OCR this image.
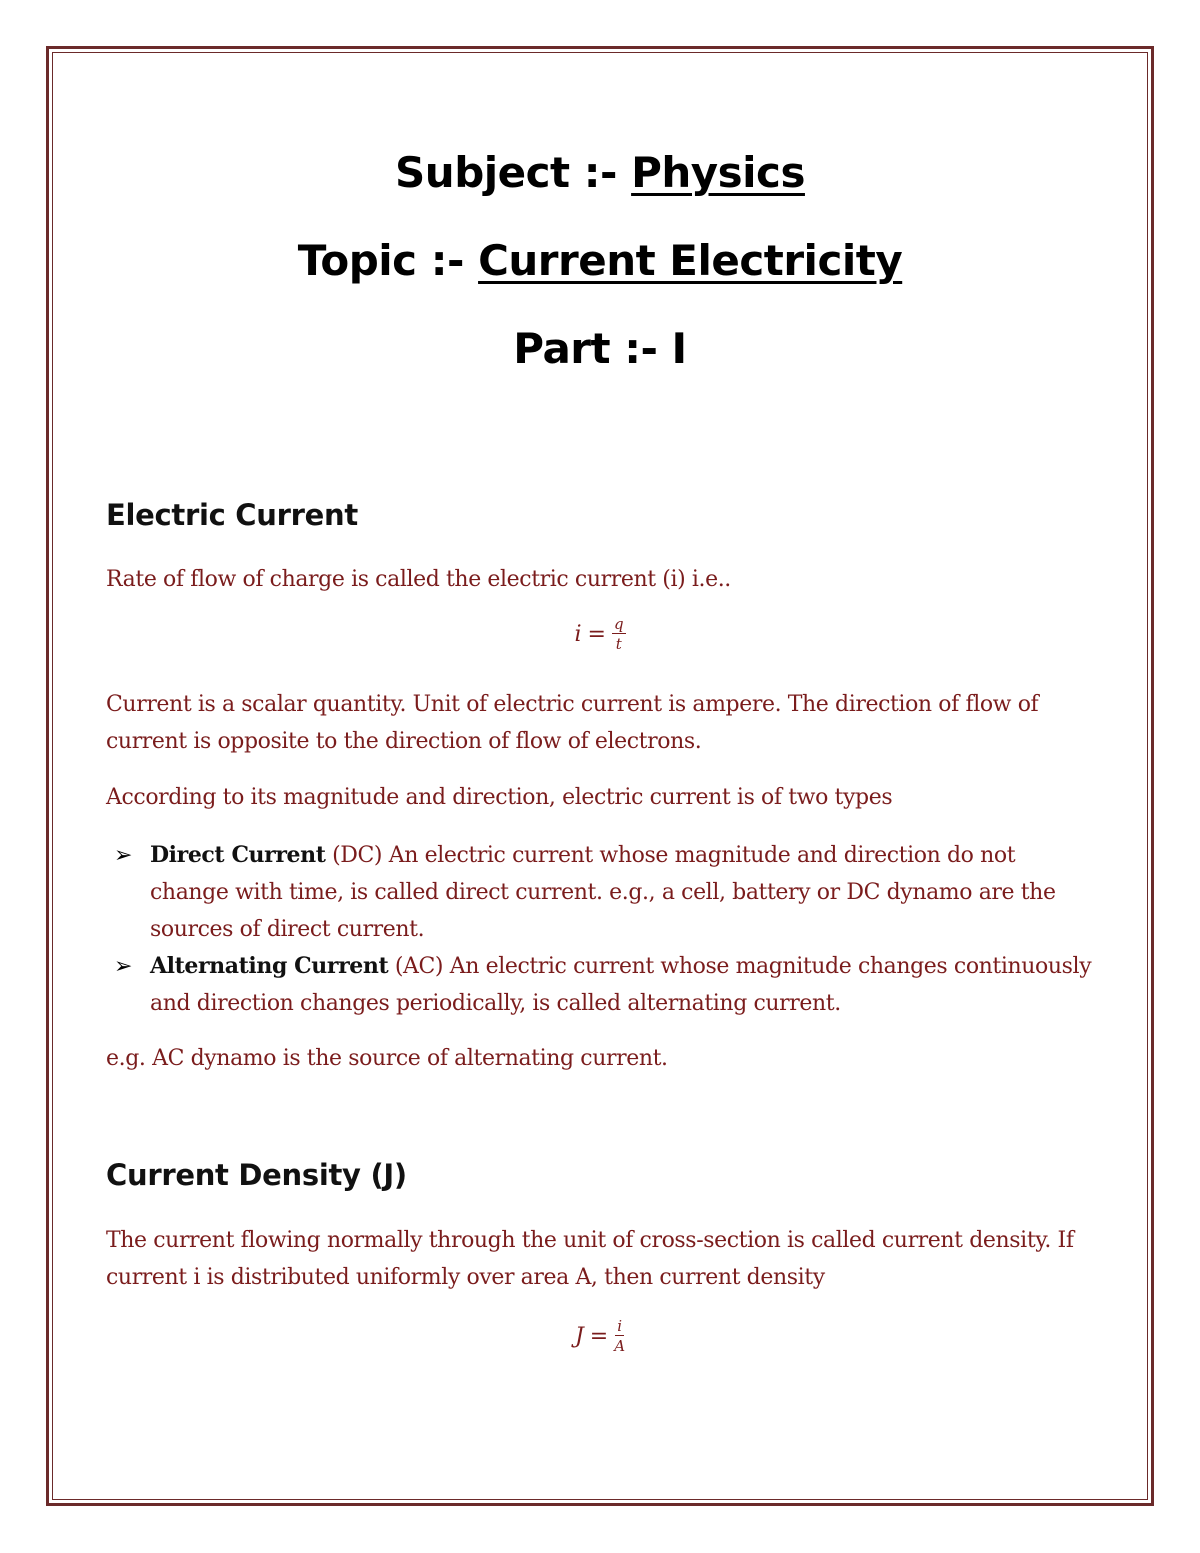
Subject :- Physics
Topic :- Current Electricity
Part :- I
Electric Current
Rate of flow of charge is called the electric current (i) i.e..
$i = \frac{q}{t}$
Current is a scalar quantity. Unit of electric current is ampere. The direction of flow of current is opposite to the direction of flow of electrons.
According to its magnitude and direction, electric current is of two types
➢ Direct Current (DC) An electric current whose magnitude and direction do not change with time, is called direct current. e.g., a cell, battery or DC dynamo are the sources of direct current.
➢ Alternating Current (AC) An electric current whose magnitude changes continuously and direction changes periodically, is called alternating current.
e.g. AC dynamo is the source of alternating current.
Current Density (J)
The current flowing normally through the unit of cross-section is called current density. If current i is distributed uniformly over area A, then current density
$J = \frac{i}{A}$
